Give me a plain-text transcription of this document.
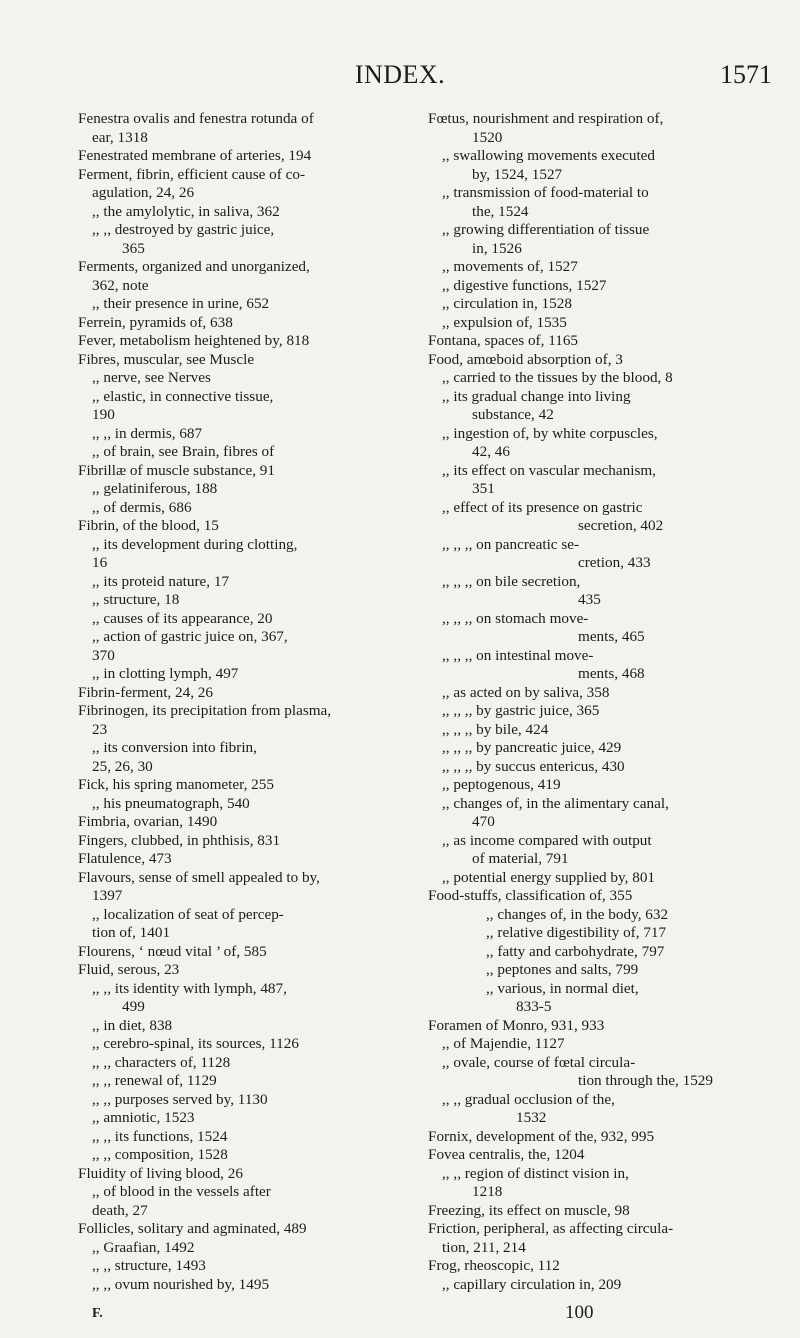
INDEX.	1571
Fenestra ovalis and fenestra rotunda of
ear, 1318
Fenestrated membrane of arteries, 194
Ferment, fibrin, efficient cause of co-
agulation, 24, 26
,, the amylolytic, in saliva, 362
,, ,, destroyed by gastric juice,
365
Ferments, organized and unorganized,
362, note
,, their presence in urine, 652
Ferrein, pyramids of, 638
Fever, metabolism heightened by, 818
Fibres, muscular, see Muscle
,, nerve, see Nerves
,, elastic, in connective tissue,
190
,, ,, in dermis, 687
,, of brain, see Brain, fibres of
Fibrillæ of muscle substance, 91
,, gelatiniferous, 188
,, of dermis, 686
Fibrin, of the blood, 15
,, its development during clotting,
16
,, its proteid nature, 17
,, structure, 18
,, causes of its appearance, 20
,, action of gastric juice on, 367,
370
,, in clotting lymph, 497
Fibrin-ferment, 24, 26
Fibrinogen, its precipitation from plasma,
23
,, its conversion into fibrin,
25, 26, 30
Fick, his spring manometer, 255
,, his pneumatograph, 540
Fimbria, ovarian, 1490
Fingers, clubbed, in phthisis, 831
Flatulence, 473
Flavours, sense of smell appealed to by,
1397
,, localization of seat of percep-
tion of, 1401
Flourens, ‘ nœud vital ’ of, 585
Fluid, serous, 23
,, ,, its identity with lymph, 487,
499
,, in diet, 838
,, cerebro-spinal, its sources, 1126
,, ,, characters of, 1128
,, ,, renewal of, 1129
,, ,, purposes served by, 1130
,, amniotic, 1523
,, ,, its functions, 1524
,, ,, composition, 1528
Fluidity of living blood, 26
,, of blood in the vessels after
death, 27
Follicles, solitary and agminated, 489
,, Graafian, 1492
,, ,, structure, 1493
,, ,, ovum nourished by, 1495
Fœtus, nourishment and respiration of,
1520
,, swallowing movements executed
by, 1524, 1527
,, transmission of food-material to
the, 1524
,, growing differentiation of tissue
in, 1526
,, movements of, 1527
,, digestive functions, 1527
,, circulation in, 1528
,, expulsion of, 1535
Fontana, spaces of, 1165
Food, amœboid absorption of, 3
,, carried to the tissues by the blood, 8
,, its gradual change into living
substance, 42
,, ingestion of, by white corpuscles,
42, 46
,, its effect on vascular mechanism,
351
,, effect of its presence on gastric
secretion, 402
,, ,, ,, on pancreatic se-
cretion, 433
,, ,, ,, on bile secretion,
435
,, ,, ,, on stomach move-
ments, 465
,, ,, ,, on intestinal move-
ments, 468
,, as acted on by saliva, 358
,, ,, ,, by gastric juice, 365
,, ,, ,, by bile, 424
,, ,, ,, by pancreatic juice, 429
,, ,, ,, by succus entericus, 430
,, peptogenous, 419
,, changes of, in the alimentary canal,
470
,, as income compared with output
of material, 791
,, potential energy supplied by, 801
Food-stuffs, classification of, 355
,, changes of, in the body, 632
,, relative digestibility of, 717
,, fatty and carbohydrate, 797
,, peptones and salts, 799
,, various, in normal diet,
833-5
Foramen of Monro, 931, 933
,, of Majendie, 1127
,, ovale, course of fœtal circula-
tion through the, 1529
,, ,, gradual occlusion of the,
1532
Fornix, development of the, 932, 995
Fovea centralis, the, 1204
,, ,, region of distinct vision in,
1218
Freezing, its effect on muscle, 98
Friction, peripheral, as affecting circula-
tion, 211, 214
Frog, rheoscopic, 112
,, capillary circulation in, 209
F.	100
